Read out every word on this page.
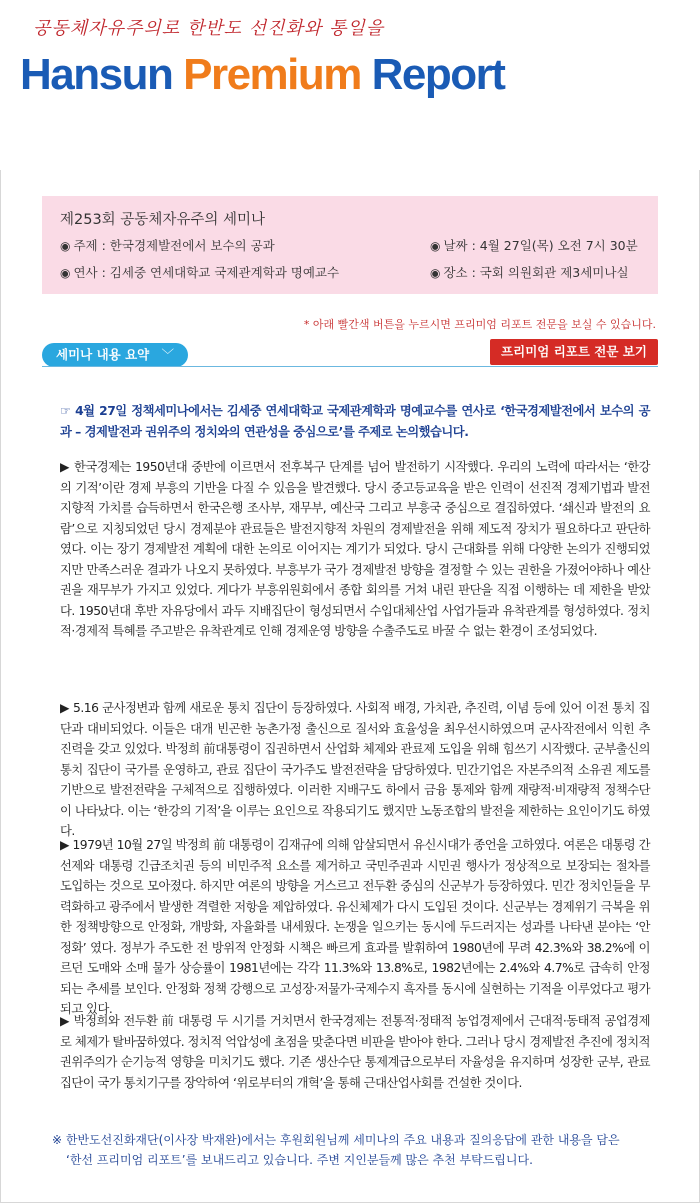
공동체자유주의로 한반도 선진화와 통일을
Hansun Premium Report
제253회 공동체자유주의 세미나
◉ 주제 : 한국경제발전에서 보수의 공과
◉ 연사 : 김세중 연세대학교 국제관계학과 명예교수
◉ 날짜 : 4월 27일(목) 오전 7시 30분
◉ 장소 : 국회 의원회관 제3세미나실
* 아래 빨간색 버튼을 누르시면 프리미엄 리포트 전문을 보실 수 있습니다.
세미나 내용 요약 ﹀	프리미엄 리포트 전문 보기
☞ 4월 27일 정책세미나에서는 김세중 연세대학교 국제관계학과 명예교수를 연사로 ‘한국경제발전에서 보수의 공과 – 경제발전과 권위주의 정치와의 연관성을 중심으로’를 주제로 논의했습니다.
▶ 한국경제는 1950년대 중반에 이르면서 전후복구 단계를 넘어 발전하기 시작했다. 우리의 노력에 따라서는 ‘한강의 기적’이란 경제 부흥의 기반을 다질 수 있음을 발견했다. 당시 중고등교육을 받은 인력이 선진적 경제기법과 발전 지향적 가치를 습득하면서 한국은행 조사부, 재무부, 예산국 그리고 부흥국 중심으로 결집하였다. ‘쇄신과 발전의 요람’으로 지칭되었던 당시 경제분야 관료들은 발전지향적 차원의 경제발전을 위해 제도적 장치가 필요하다고 판단하였다. 이는 장기 경제발전 계획에 대한 논의로 이어지는 계기가 되었다. 당시 근대화를 위해 다양한 논의가 진행되었지만 만족스러운 결과가 나오지 못하였다. 부흥부가 국가 경제발전 방향을 결정할 수 있는 권한을 가졌어야하나 예산권을 재무부가 가지고 있었다. 게다가 부흥위원회에서 종합 회의를 거쳐 내린 판단을 직접 이행하는 데 제한을 받았다. 1950년대 후반 자유당에서 과두 지배집단이 형성되면서 수입대체산업 사업가들과 유착관계를 형성하였다. 정치적·경제적 특혜를 주고받은 유착관계로 인해 경제운영 방향을 수출주도로 바꿀 수 없는 환경이 조성되었다.
▶ 5.16 군사정변과 함께 새로운 통치 집단이 등장하였다. 사회적 배경, 가치관, 추진력, 이념 등에 있어 이전 통치 집단과 대비되었다. 이들은 대개 빈곤한 농촌가정 출신으로 질서와 효율성을 최우선시하였으며 군사작전에서 익힌 추진력을 갖고 있었다. 박정희 前대통령이 집권하면서 산업화 체제와 관료제 도입을 위해 힘쓰기 시작했다. 군부출신의 통치 집단이 국가를 운영하고, 관료 집단이 국가주도 발전전략을 담당하였다. 민간기업은 자본주의적 소유권 제도를 기반으로 발전전략을 구체적으로 집행하였다. 이러한 지배구도 하에서 금융 통제와 함께 재량적·비재량적 정책수단이 나타났다. 이는 ‘한강의 기적’을 이루는 요인으로 작용되기도 했지만 노동조합의 발전을 제한하는 요인이기도 하였다.
▶ 1979년 10월 27일 박정희 前 대통령이 김재규에 의해 암살되면서 유신시대가 종언을 고하였다. 여론은 대통령 간선제와 대통령 긴급조치권 등의 비민주적 요소를 제거하고 국민주권과 시민권 행사가 정상적으로 보장되는 절차를 도입하는 것으로 모아졌다. 하지만 여론의 방향을 거스르고 전두환 중심의 신군부가 등장하였다. 민간 정치인들을 무력화하고 광주에서 발생한 격렬한 저항을 제압하였다. 유신체제가 다시 도입된 것이다. 신군부는 경제위기 극복을 위한 정책방향으로 안정화, 개방화, 자율화를 내세웠다. 논쟁을 일으키는 동시에 두드러지는 성과를 나타낸 분야는 ‘안정화’ 였다. 정부가 주도한 전 방위적 안정화 시책은 빠르게 효과를 발휘하여 1980년에 무려 42.3%와 38.2%에 이르던 도매와 소매 물가 상승률이 1981년에는 각각 11.3%와 13.8%로, 1982년에는 2.4%와 4.7%로 급속히 안정되는 추세를 보인다. 안정화 정책 강행으로 고성장·저물가·국제수지 흑자를 동시에 실현하는 기적을 이루었다고 평가되고 있다.
▶ 박정희와 전두환 前 대통령 두 시기를 거치면서 한국경제는 전통적·정태적 농업경제에서 근대적·동태적 공업경제로 체제가 탈바꿈하였다. 정치적 억압성에 초점을 맞춘다면 비판을 받아야 한다. 그러나 당시 경제발전 추진에 정치적 권위주의가 순기능적 영향을 미치기도 했다. 기존 생산수단 통제계급으로부터 자율성을 유지하며 성장한 군부, 관료집단이 국가 통치기구를 장악하여 ‘위로부터의 개혁’을 통해 근대산업사회를 건설한 것이다.
※ 한반도선진화재단(이사장 박재완)에서는 후원회원님께 세미나의 주요 내용과 질의응답에 관한 내용을 담은
‘한선 프리미엄 리포트’를 보내드리고 있습니다. 주변 지인분들께 많은 추천 부탁드립니다.
